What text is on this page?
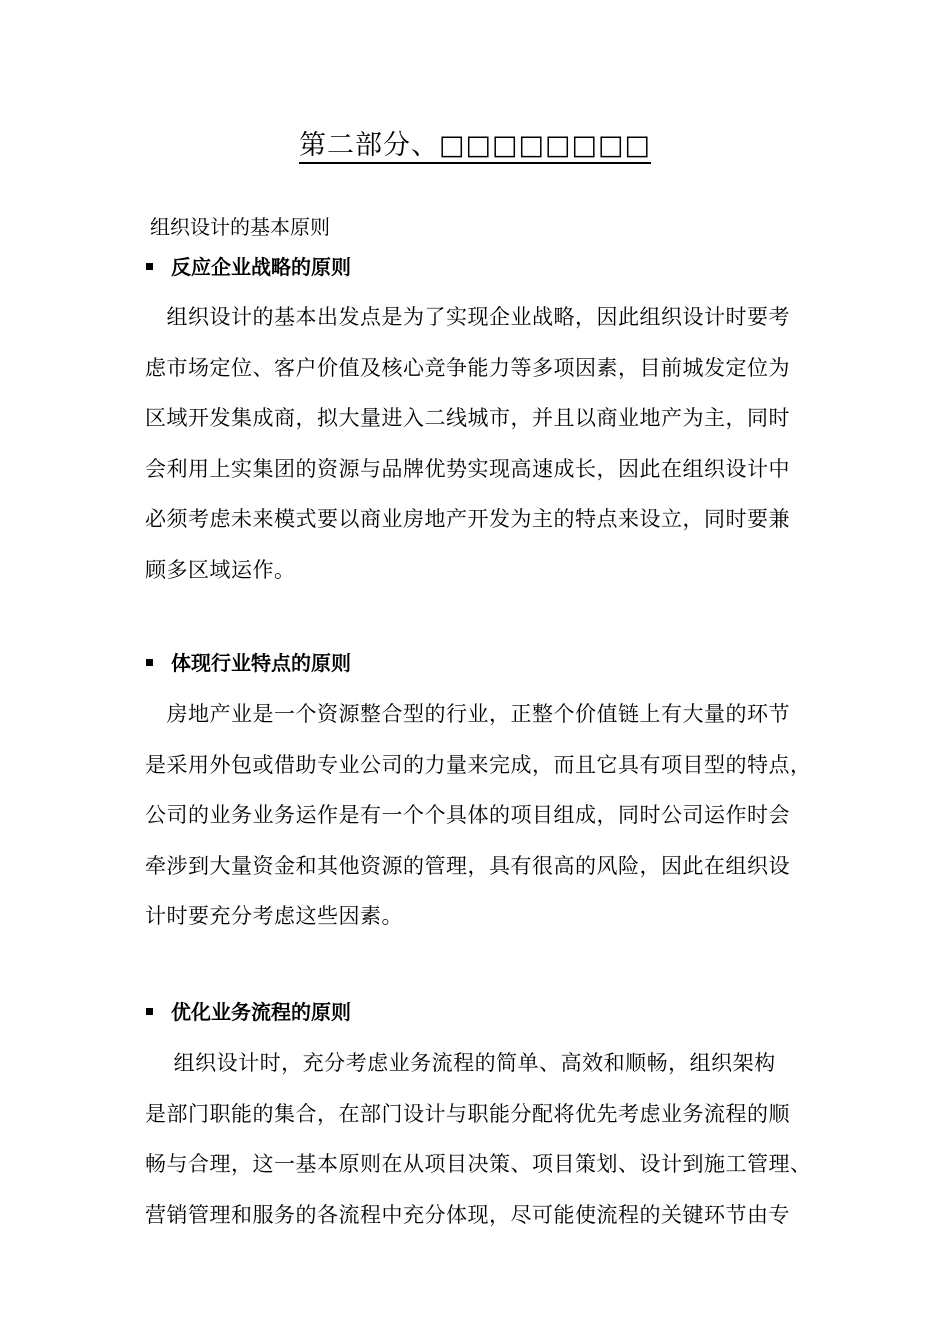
第二部分、□□□□□□□□
组织设计的基本原则
反应企业战略的原则
　组织设计的基本出发点是为了实现企业战略，因此组织设计时要考
虑市场定位、客户价值及核心竞争能力等多项因素，目前城发定位为
区域开发集成商，拟大量进入二线城市，并且以商业地产为主，同时
会利用上实集团的资源与品牌优势实现高速成长，因此在组织设计中
必须考虑未来模式要以商业房地产开发为主的特点来设立，同时要兼
顾多区域运作。
体现行业特点的原则
　房地产业是一个资源整合型的行业，正整个价值链上有大量的环节
是采用外包或借助专业公司的力量来完成，而且它具有项目型的特点，
公司的业务业务运作是有一个个具体的项目组成，同时公司运作时会
牵涉到大量资金和其他资源的管理，具有很高的风险，因此在组织设
计时要充分考虑这些因素。
优化业务流程的原则
　 组织设计时，充分考虑业务流程的简单、高效和顺畅，组织架构
是部门职能的集合，在部门设计与职能分配将优先考虑业务流程的顺
畅与合理，这一基本原则在从项目决策、项目策划、设计到施工管理、
营销管理和服务的各流程中充分体现，尽可能使流程的关键环节由专
